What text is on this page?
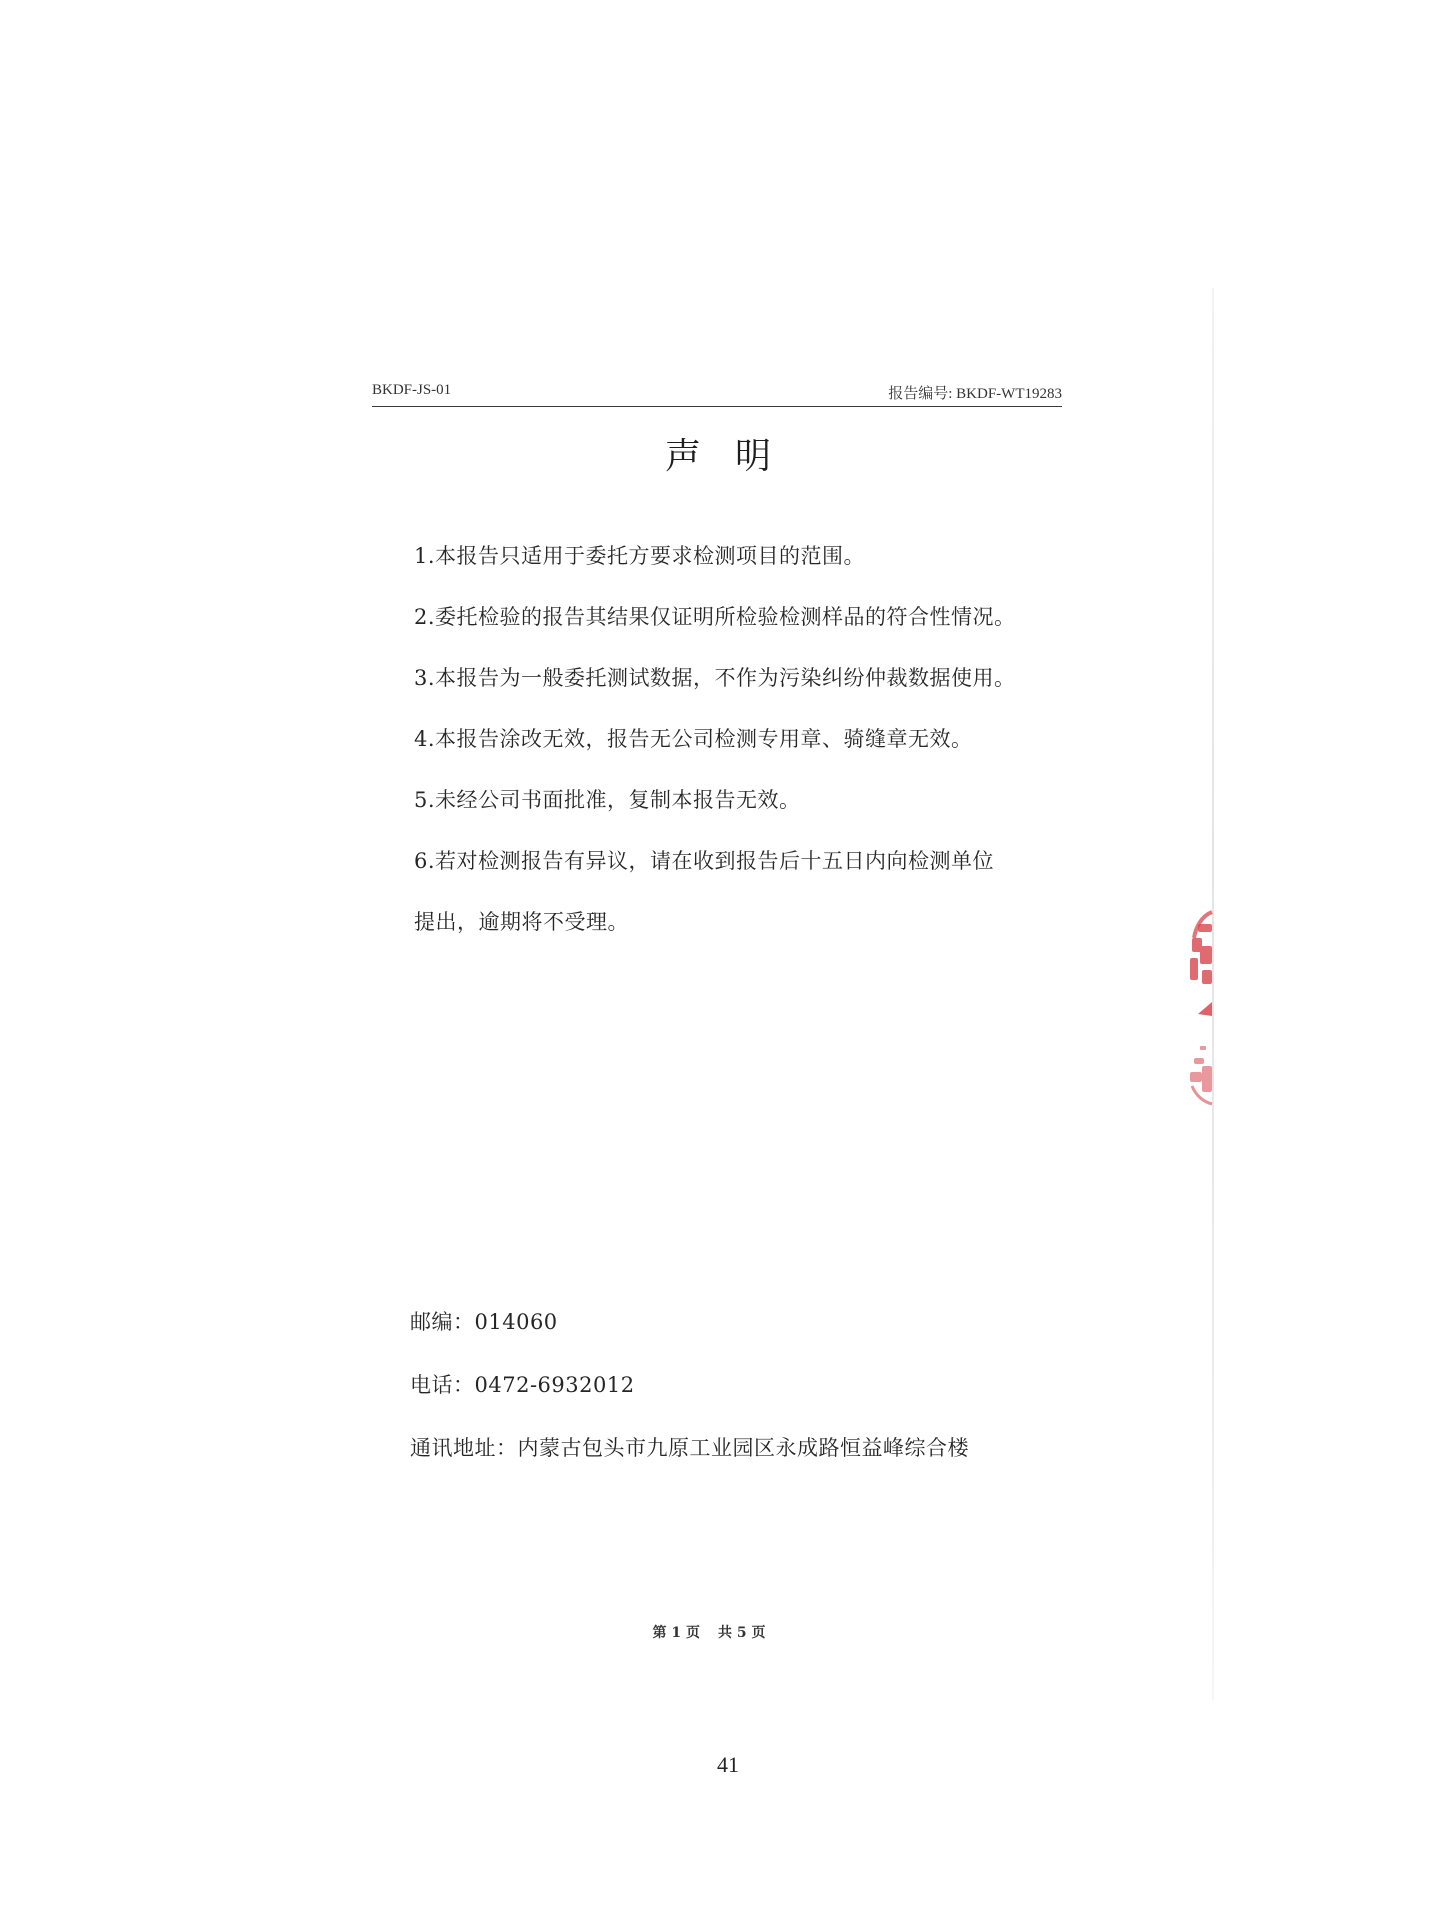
BKDF-JS-01	报告编号: BKDF-WT19283
声明
1.本报告只适用于委托方要求检测项目的范围。
2.委托检验的报告其结果仅证明所检验检测样品的符合性情况。
3.本报告为一般委托测试数据，不作为污染纠纷仲裁数据使用。
4.本报告涂改无效，报告无公司检测专用章、骑缝章无效。
5.未经公司书面批准，复制本报告无效。
6.若对检测报告有异议，请在收到报告后十五日内向检测单位
提出，逾期将不受理。
邮编：014060
电话：0472-6932012
通讯地址：内蒙古包头市九原工业园区永成路恒益峰综合楼
第 1 页 共 5 页
41
